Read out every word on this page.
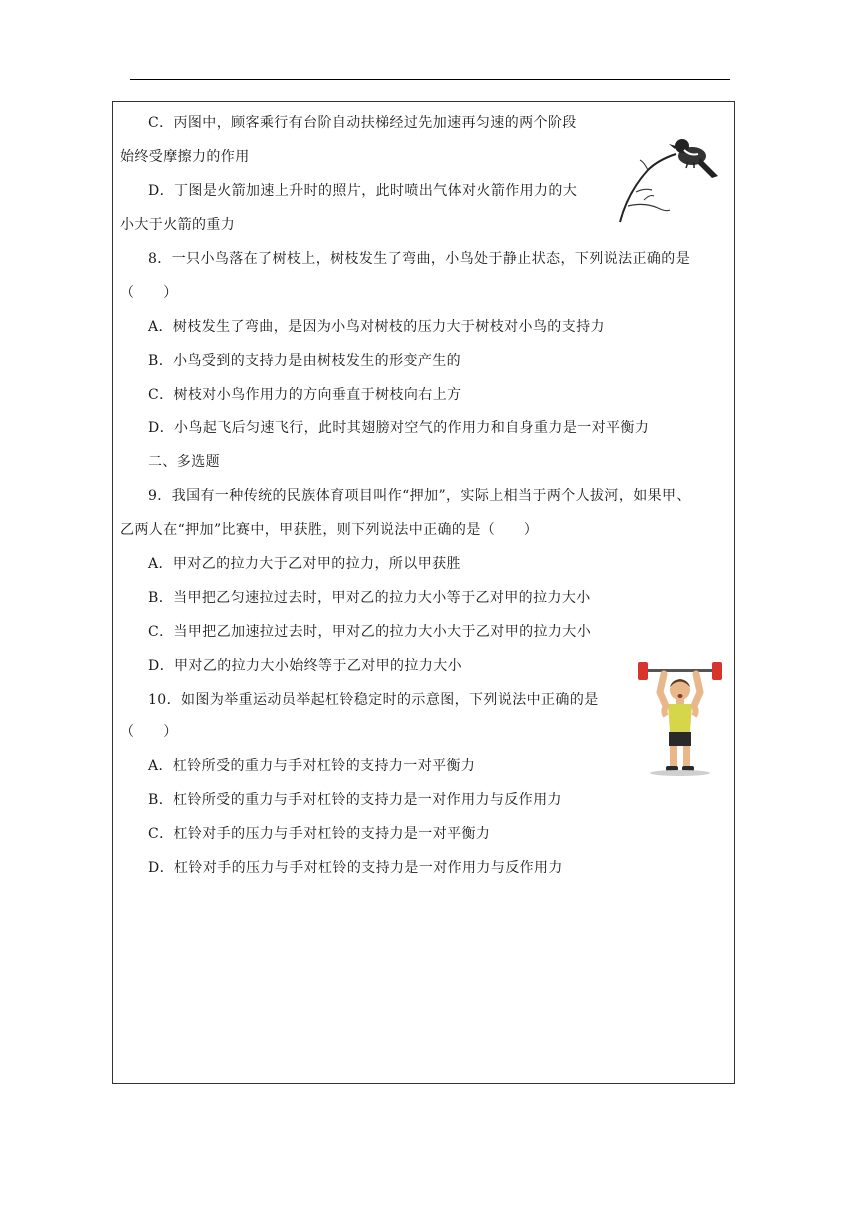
C．丙图中，顾客乘行有台阶自动扶梯经过先加速再匀速的两个阶段
始终受摩擦力的作用
D．丁图是火箭加速上升时的照片，此时喷出气体对火箭作用力的大
小大于火箭的重力
8．一只小鸟落在了树枝上，树枝发生了弯曲，小鸟处于静止状态，下列说法正确的是
（　　）
A．树枝发生了弯曲，是因为小鸟对树枝的压力大于树枝对小鸟的支持力
B．小鸟受到的支持力是由树枝发生的形变产生的
C．树枝对小鸟作用力的方向垂直于树枝向右上方
D．小鸟起飞后匀速飞行，此时其翅膀对空气的作用力和自身重力是一对平衡力
二、多选题
9．我国有一种传统的民族体育项目叫作“押加”，实际上相当于两个人拔河，如果甲、
乙两人在“押加”比赛中，甲获胜，则下列说法中正确的是（　　）
A．甲对乙的拉力大于乙对甲的拉力，所以甲获胜
B．当甲把乙匀速拉过去时，甲对乙的拉力大小等于乙对甲的拉力大小
C．当甲把乙加速拉过去时，甲对乙的拉力大小大于乙对甲的拉力大小
D．甲对乙的拉力大小始终等于乙对甲的拉力大小
10．如图为举重运动员举起杠铃稳定时的示意图，下列说法中正确的是
（　　）
A．杠铃所受的重力与手对杠铃的支持力一对平衡力
B．杠铃所受的重力与手对杠铃的支持力是一对作用力与反作用力
C．杠铃对手的压力与手对杠铃的支持力是一对平衡力
D．杠铃对手的压力与手对杠铃的支持力是一对作用力与反作用力
